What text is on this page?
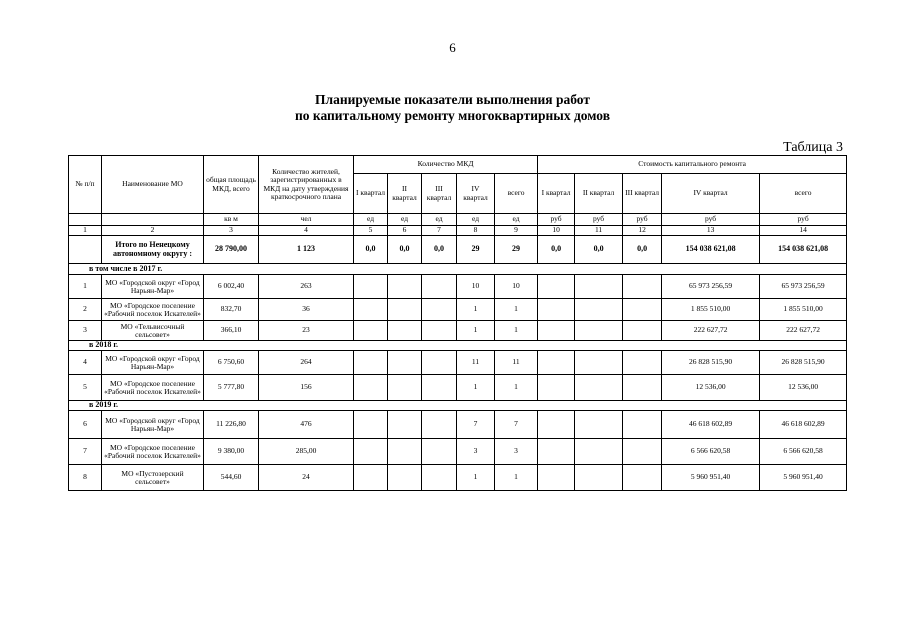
6
Планируемые показатели выполнения работ
по капитальному ремонту многоквартирных домов
Таблица 3
№ п/п	Наименование МО	общая площадь МКД, всего	Количество жителей, зарегистрированных в МКД на дату утверждения краткосрочного плана	Количество МКД					Стоимость капитального ремонта				
				I квартал	II квартал	III квартал	IV квартал	всего	I квартал	II квартал	III квартал	IV квартал	всего
		кв м	чел	ед	ед	ед	ед	ед	руб	руб	руб	руб	руб
1	2	3	4	5	6	7	8	9	10	11	12	13	14
	Итого по Ненецкому автономному округу :	28 790,00	1 123	0,0	0,0	0,0	29	29	0,0	0,0	0,0	154 038 621,08	154 038 621,08
в том числе в 2017 г.													
1	МО «Городской округ «Город Нарьян-Мар»	6 002,40	263				10	10				65 973 256,59	65 973 256,59
2	МО «Городское поселение «Рабочий поселок Искателей»	832,70	36				1	1				1 855 510,00	1 855 510,00
3	МО «Тельвисочный сельсовет»	366,10	23				1	1				222 627,72	222 627,72
в 2018 г.													
4	МО «Городской округ «Город Нарьян-Мар»	6 750,60	264				11	11				26 828 515,90	26 828 515,90
5	МО «Городское поселение «Рабочий поселок Искателей»	5 777,80	156				1	1				12 536,00	12 536,00
в 2019 г.													
6	МО «Городской округ «Город Нарьян-Мар»	11 226,80	476				7	7				46 618 602,89	46 618 602,89
7	МО «Городское поселение «Рабочий поселок Искателей»	9 380,00	285,00				3	3				6 566 620,58	6 566 620,58
8	МО «Пустозерский сельсовет»	544,60	24				1	1				5 960 951,40	5 960 951,40
